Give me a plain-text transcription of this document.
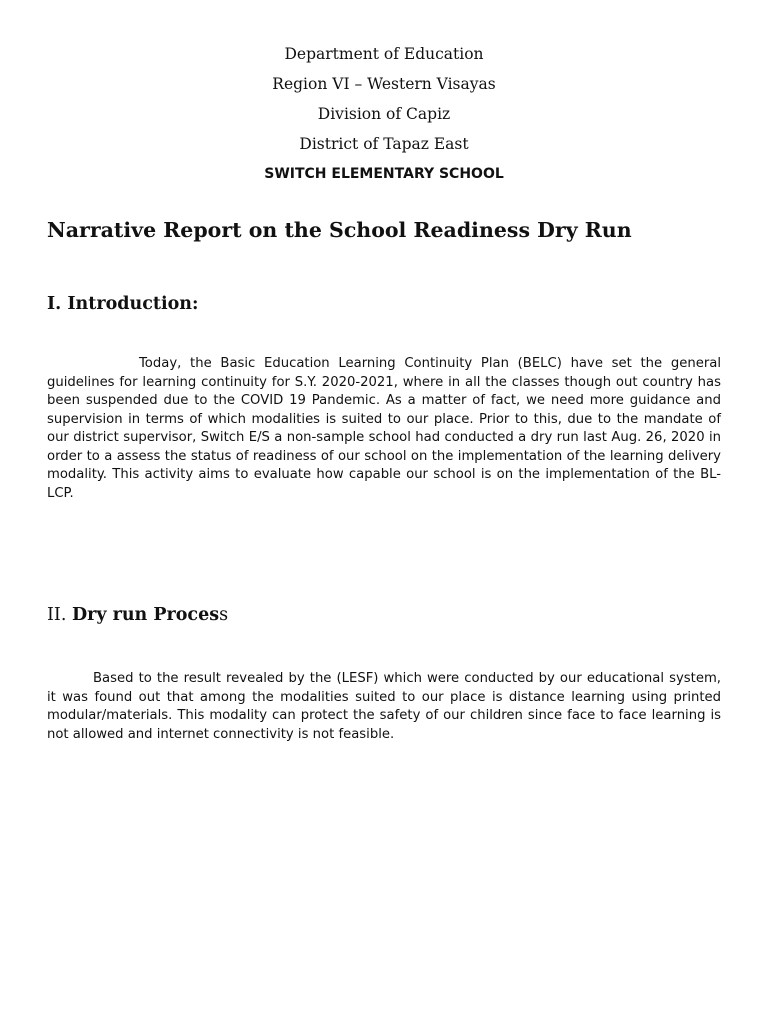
Department of Education
Region VI – Western Visayas
Division of Capiz
District of Tapaz East
SWITCH ELEMENTARY SCHOOL
Narrative Report on the School Readiness Dry Run
I. Introduction:

Today, the Basic Education Learning Continuity Plan (BELC) have set the general guidelines for learning continuity for S.Y. 2020-2021, where in all the classes though out country has been suspended due to the COVID 19 Pandemic. As a matter of fact, we need more guidance and supervision in terms of which modalities is suited to our place. Prior to this, due to the mandate of our district supervisor, Switch E/S a non-sample school had conducted a dry run last Aug. 26, 2020 in order to a assess the status of readiness of our school on the implementation of the learning delivery modality. This activity aims to evaluate how capable our school is on the implementation of the BL-LCP.

II. Dry run Process

Based to the result revealed by the (LESF) which were conducted by our educational system, it was found out that among the modalities suited to our place is distance learning using printed modular/materials. This modality can protect the safety of our children since face to face learning is not allowed and internet connectivity is not feasible.
